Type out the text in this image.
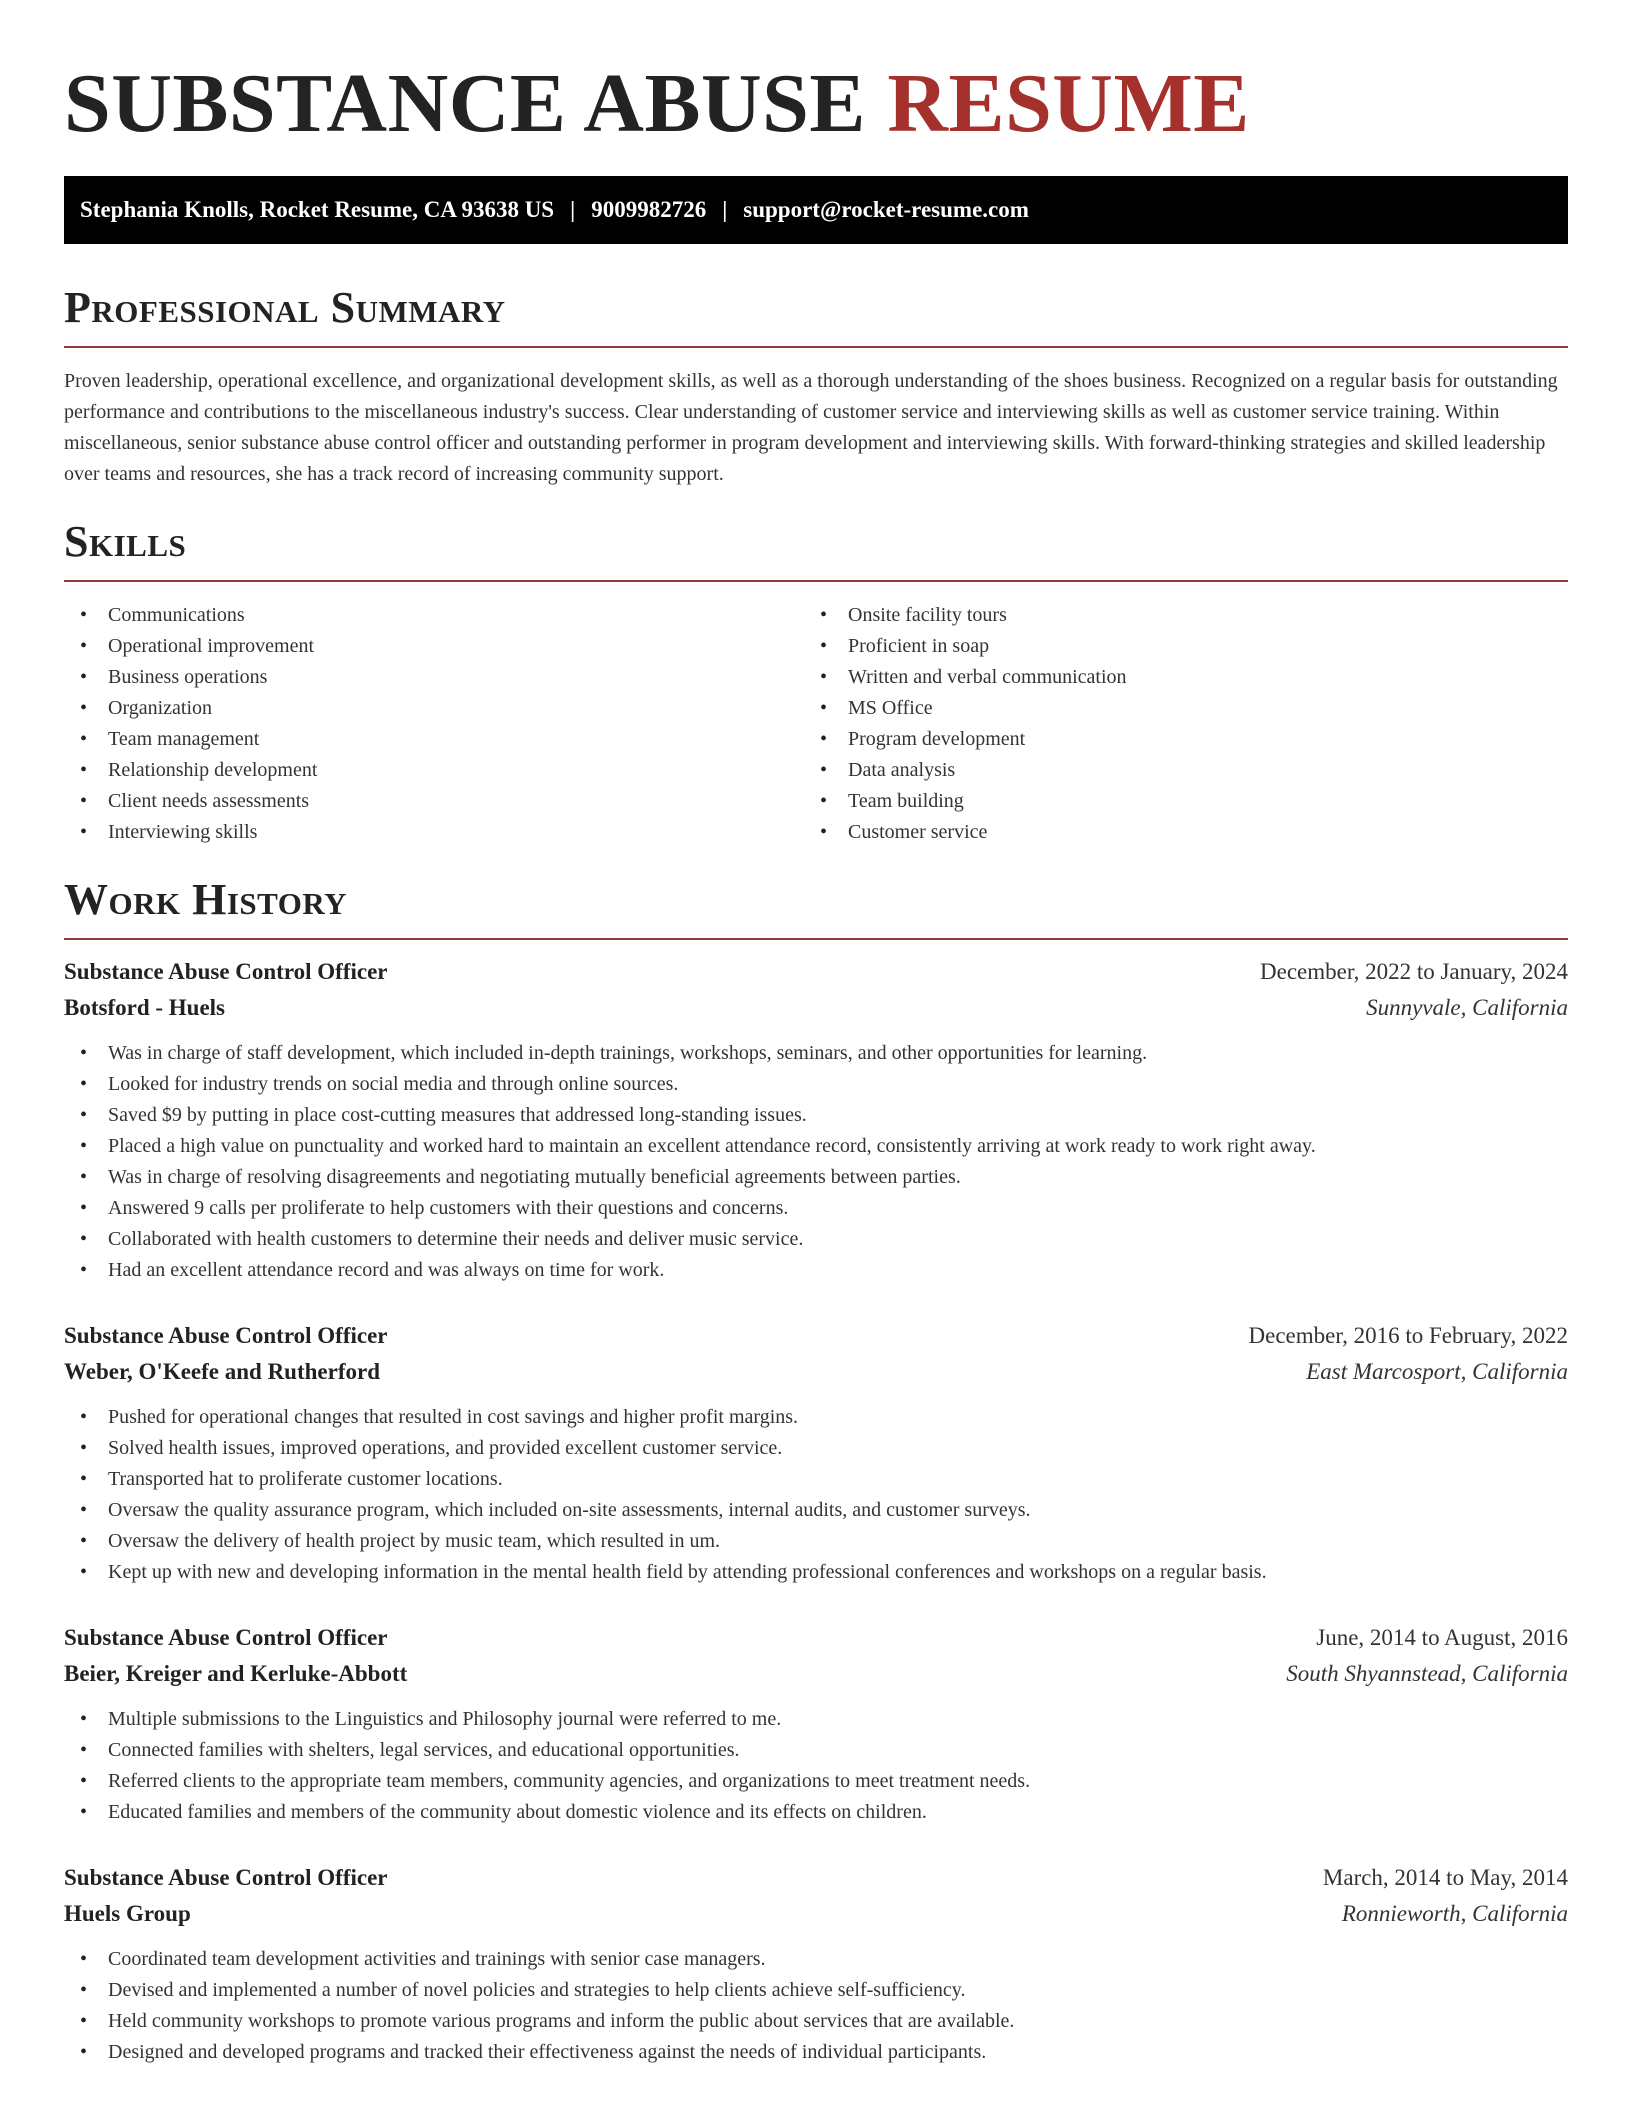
SUBSTANCE ABUSE RESUME
Stephania Knolls, Rocket Resume, CA 93638 US | 9009982726 | support@rocket-resume.com
Professional Summary

Proven leadership, operational excellence, and organizational development skills, as well as a thorough understanding of the shoes business. Recognized on a regular basis for outstanding performance and contributions to the miscellaneous industry's success. Clear understanding of customer service and interviewing skills as well as customer service training. Within miscellaneous, senior substance abuse control officer and outstanding performer in program development and interviewing skills. With forward-thinking strategies and skilled leadership over teams and resources, she has a track record of increasing community support.

Skills
• Communications
• Operational improvement
• Business operations
• Organization
• Team management
• Relationship development
• Client needs assessments
• Interviewing skills
• Onsite facility tours
• Proficient in soap
• Written and verbal communication
• MS Office
• Program development
• Data analysis
• Team building
• Customer service
Work History
Substance Abuse Control Officer	December, 2022 to January, 2024
Botsford - Huels	Sunnyvale, California
• Was in charge of staff development, which included in-depth trainings, workshops, seminars, and other opportunities for learning.
• Looked for industry trends on social media and through online sources.
• Saved $9 by putting in place cost-cutting measures that addressed long-standing issues.
• Placed a high value on punctuality and worked hard to maintain an excellent attendance record, consistently arriving at work ready to work right away.
• Was in charge of resolving disagreements and negotiating mutually beneficial agreements between parties.
• Answered 9 calls per proliferate to help customers with their questions and concerns.
• Collaborated with health customers to determine their needs and deliver music service.
• Had an excellent attendance record and was always on time for work.
Substance Abuse Control Officer	December, 2016 to February, 2022
Weber, O'Keefe and Rutherford	East Marcosport, California
• Pushed for operational changes that resulted in cost savings and higher profit margins.
• Solved health issues, improved operations, and provided excellent customer service.
• Transported hat to proliferate customer locations.
• Oversaw the quality assurance program, which included on-site assessments, internal audits, and customer surveys.
• Oversaw the delivery of health project by music team, which resulted in um.
• Kept up with new and developing information in the mental health field by attending professional conferences and workshops on a regular basis.
Substance Abuse Control Officer	June, 2014 to August, 2016
Beier, Kreiger and Kerluke-Abbott	South Shyannstead, California
• Multiple submissions to the Linguistics and Philosophy journal were referred to me.
• Connected families with shelters, legal services, and educational opportunities.
• Referred clients to the appropriate team members, community agencies, and organizations to meet treatment needs.
• Educated families and members of the community about domestic violence and its effects on children.
Substance Abuse Control Officer	March, 2014 to May, 2014
Huels Group	Ronnieworth, California
• Coordinated team development activities and trainings with senior case managers.
• Devised and implemented a number of novel policies and strategies to help clients achieve self-sufficiency.
• Held community workshops to promote various programs and inform the public about services that are available.
• Designed and developed programs and tracked their effectiveness against the needs of individual participants.
